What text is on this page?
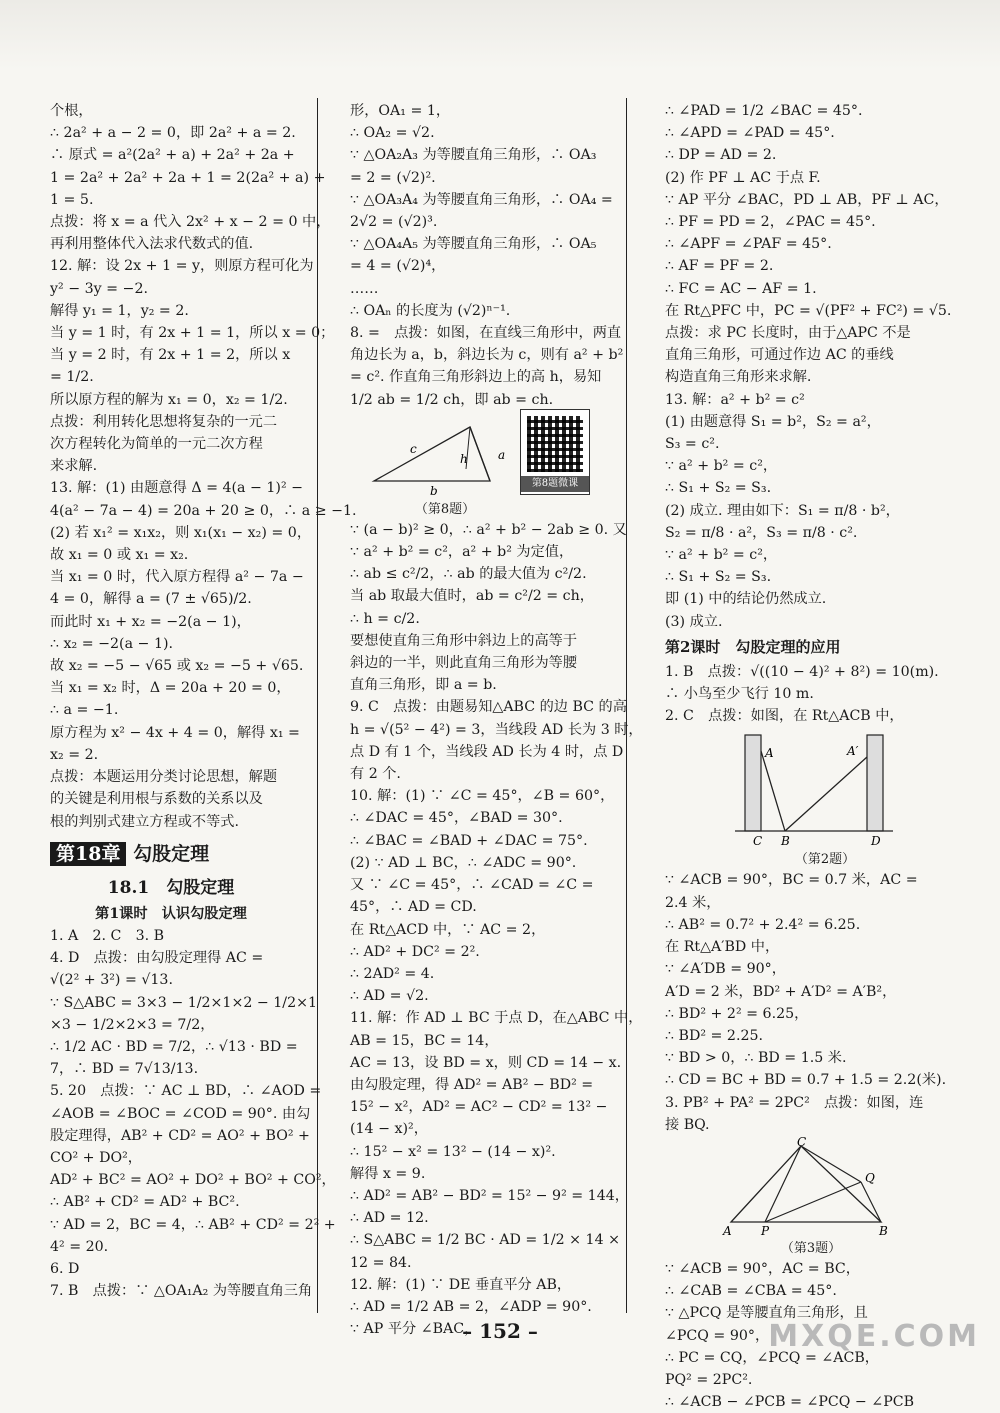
个根，
∴ 2a² + a − 2 = 0，即 2a² + a = 2.
∴ 原式 = a²(2a² + a) + 2a² + 2a +
1 = 2a² + 2a² + 2a + 1 = 2(2a² + a) +
1 = 5.
点拨：将 x = a 代入 2x² + x − 2 = 0 中，
再利用整体代入法求代数式的值.
12. 解：设 2x + 1 = y，则原方程可化为
y² − 3y = −2.
解得 y₁ = 1，y₂ = 2.
当 y = 1 时，有 2x + 1 = 1，所以 x = 0；
当 y = 2 时，有 2x + 1 = 2，所以 x
= 1/2.
所以原方程的解为 x₁ = 0，x₂ = 1/2.
点拨：利用转化思想将复杂的一元二
次方程转化为简单的一元二次方程
来求解.
13. 解：(1) 由题意得 Δ = 4(a − 1)² −
4(a² − 7a − 4) = 20a + 20 ≥ 0，∴ a ≥ −1.
(2) 若 x₁² = x₁x₂，则 x₁(x₁ − x₂) = 0，
故 x₁ = 0 或 x₁ = x₂.
当 x₁ = 0 时，代入原方程得 a² − 7a −
4 = 0，解得 a = (7 ± √65)/2.
而此时 x₁ + x₂ = −2(a − 1)，
∴ x₂ = −2(a − 1).
故 x₂ = −5 − √65 或 x₂ = −5 + √65.
当 x₁ = x₂ 时，Δ = 20a + 20 = 0，
∴ a = −1.
原方程为 x² − 4x + 4 = 0，解得 x₁ =
x₂ = 2.
点拨：本题运用分类讨论思想，解题
的关键是利用根与系数的关系以及
根的判别式建立方程或不等式.
第18章 勾股定理
18.1　勾股定理
第1课时　认识勾股定理
1. A　2. C　3. B
4. D　点拨：由勾股定理得 AC =
√(2² + 3²) = √13.
∵ S△ABC = 3×3 − 1/2×1×2 − 1/2×1
×3 − 1/2×2×3 = 7/2，
∴ 1/2 AC · BD = 7/2，∴ √13 · BD =
7，∴ BD = 7√13/13.
5. 20　点拨：∵ AC ⊥ BD，∴ ∠AOD =
∠AOB = ∠BOC = ∠COD = 90°. 由勾
股定理得，AB² + CD² = AO² + BO² +
CO² + DO²，
AD² + BC² = AO² + DO² + BO² + CO²，
∴ AB² + CD² = AD² + BC².
∵ AD = 2，BC = 4，∴ AB² + CD² = 2² +
4² = 20.
6. D
7. B　点拨：∵ △OA₁A₂ 为等腰直角三角
形，OA₁ = 1，
∴ OA₂ = √2.
∵ △OA₂A₃ 为等腰直角三角形，∴ OA₃
= 2 = (√2)².
∵ △OA₃A₄ 为等腰直角三角形，∴ OA₄ =
2√2 = (√2)³.
∵ △OA₄A₅ 为等腰直角三角形，∴ OA₅
= 4 = (√2)⁴，
……
∴ OAₙ 的长度为 (√2)ⁿ⁻¹.
8. =　点拨：如图，在直线三角形中，两直
角边长为 a，b，斜边长为 c，则有 a² + b²
= c². 作直角三角形斜边上的高 h，易知
1/2 ab = 1/2 ch，即 ab = ch.
c
h	a
b
第8题微课
（第8题）
∵ (a − b)² ≥ 0，∴ a² + b² − 2ab ≥ 0. 又
∵ a² + b² = c²，a² + b² 为定值，
∴ ab ≤ c²/2，∴ ab 的最大值为 c²/2.
当 ab 取最大值时，ab = c²/2 = ch，
∴ h = c/2.
要想使直角三角形中斜边上的高等于
斜边的一半，则此直角三角形为等腰
直角三角形，即 a = b.
9. C　点拨：由题易知△ABC 的边 BC 的高
h = √(5² − 4²) = 3，当线段 AD 长为 3 时，
点 D 有 1 个，当线段 AD 长为 4 时，点 D
有 2 个.
10. 解：(1) ∵ ∠C = 45°，∠B = 60°，
∴ ∠DAC = 45°，∠BAD = 30°.
∴ ∠BAC = ∠BAD + ∠DAC = 75°.
(2) ∵ AD ⊥ BC，∴ ∠ADC = 90°.
又 ∵ ∠C = 45°，∴ ∠CAD = ∠C =
45°，∴ AD = CD.
在 Rt△ACD 中，∵ AC = 2，
∴ AD² + DC² = 2².
∴ 2AD² = 4.
∴ AD = √2.
11. 解：作 AD ⊥ BC 于点 D，在△ABC 中，
AB = 15，BC = 14，
AC = 13，设 BD = x，则 CD = 14 − x.
由勾股定理，得 AD² = AB² − BD² =
15² − x²，AD² = AC² − CD² = 13² −
(14 − x)²，
∴ 15² − x² = 13² − (14 − x)².
解得 x = 9.
∴ AD² = AB² − BD² = 15² − 9² = 144，
∴ AD = 12.
∴ S△ABC = 1/2 BC · AD = 1/2 × 14 ×
12 = 84.
12. 解：(1) ∵ DE 垂直平分 AB，
∴ AD = 1/2 AB = 2，∠ADP = 90°.
∵ AP 平分 ∠BAC，
∴ ∠PAD = 1/2 ∠BAC = 45°.
∴ ∠APD = ∠PAD = 45°.
∴ DP = AD = 2.
(2) 作 PF ⊥ AC 于点 F.
∵ AP 平分 ∠BAC，PD ⊥ AB，PF ⊥ AC，
∴ PF = PD = 2，∠PAC = 45°.
∴ ∠APF = ∠PAF = 45°.
∴ AF = PF = 2.
∴ FC = AC − AF = 1.
在 Rt△PFC 中，PC = √(PF² + FC²) = √5.
点拨：求 PC 长度时，由于△APC 不是
直角三角形，可通过作边 AC 的垂线
构造直角三角形来求解.
13. 解：a² + b² = c²
(1) 由题意得 S₁ = b²，S₂ = a²，
S₃ = c².
∵ a² + b² = c²，
∴ S₁ + S₂ = S₃.
(2) 成立. 理由如下：S₁ = π/8 · b²，
S₂ = π/8 · a²，S₃ = π/8 · c².
∵ a² + b² = c²，
∴ S₁ + S₂ = S₃.
即 (1) 中的结论仍然成立.
(3) 成立.
第2课时　勾股定理的应用
1. B　点拨：√((10 − 4)² + 8²) = 10(m).
∴ 小鸟至少飞行 10 m.
2. C　点拨：如图，在 Rt△ACB 中，
A	A′
C B	D
（第2题）
∵ ∠ACB = 90°，BC = 0.7 米，AC =
2.4 米，
∴ AB² = 0.7² + 2.4² = 6.25.
在 Rt△A′BD 中，
∵ ∠A′DB = 90°，
A′D = 2 米，BD² + A′D² = A′B²，
∴ BD² + 2² = 6.25，
∴ BD² = 2.25.
∵ BD > 0，∴ BD = 1.5 米.
∴ CD = BC + BD = 0.7 + 1.5 = 2.2(米).
3. PB² + PA² = 2PC²　点拨：如图，连
接 BQ.
C
Q
A P	B
（第3题）
∵ ∠ACB = 90°，AC = BC，
∴ ∠CAB = ∠CBA = 45°.
∵ △PCQ 是等腰直角三角形，且
∠PCQ = 90°，
∴ PC = CQ，∠PCQ = ∠ACB，
PQ² = 2PC².
∴ ∠ACB − ∠PCB = ∠PCQ − ∠PCB
– 152 –	MXQE.COM
